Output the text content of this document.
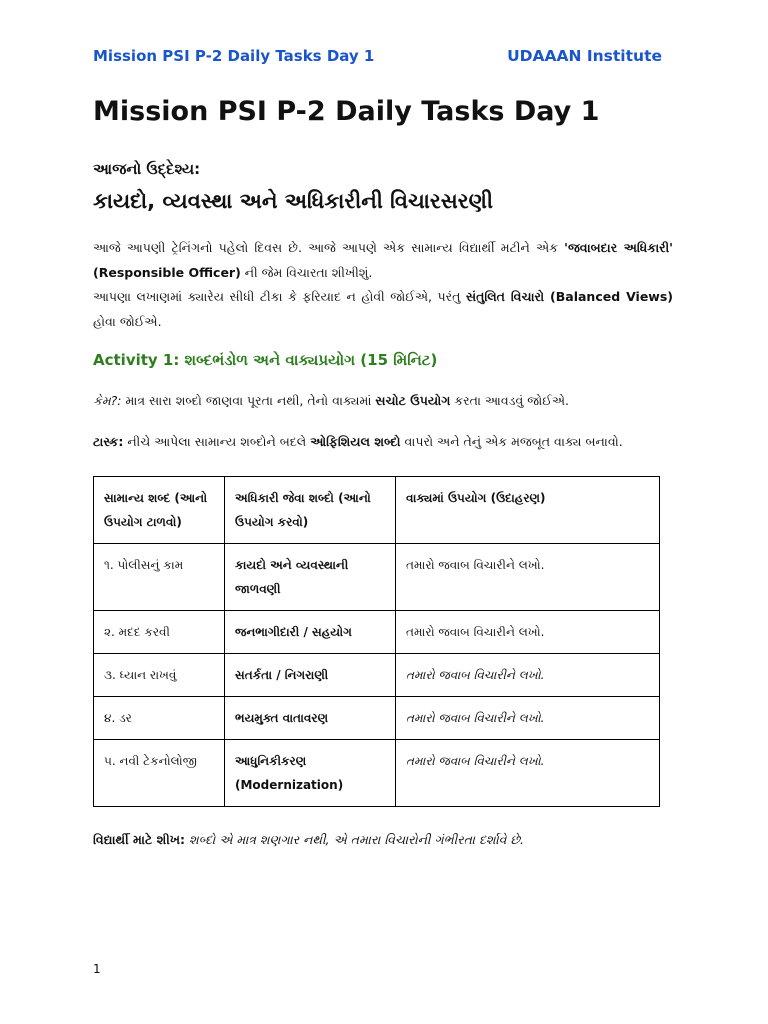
Mission PSI P-2 Daily Tasks Day 1	UDAAAN Institute
Mission PSI P-2 Daily Tasks Day 1
આજનો ઉદ્દેશ્ય:
કાયદો, વ્યવસ્થા અને અધિકારીની વિચારસરણી

આજે આપણી ટ્રેનિંગનો પહેલો દિવસ છે. આજે આપણે એક સામાન્ય વિદ્યાર્થી મટીને એક 'જવાબદાર અધિકારી' (Responsible Officer) ની જેમ વિચારતા શીખીશું.

આપણા લખાણમાં ક્યારેય સીધી ટીકા કે ફરિયાદ ન હોવી જોઈએ, પરંતુ સંતુલિત વિચારો (Balanced Views) હોવા જોઈએ.

Activity 1: શબ્દભંડોળ અને વાક્યપ્રયોગ (15 મિનિટ)
કેમ?: માત્ર સારા શબ્દો જાણવા પૂરતા નથી, તેનો વાક્યમાં સચોટ ઉપયોગ કરતા આવડવું જોઈએ.
ટાસ્ક: નીચે આપેલા સામાન્ય શબ્દોને બદલે ઓફિશિયલ શબ્દો વાપરો અને તેનું એક મજબૂત વાક્ય બનાવો.
સામાન્ય શબ્દ (આનો ઉપયોગ ટાળવો)	અધિકારી જેવા શબ્દો (આનો ઉપયોગ કરવો)	વાક્યમાં ઉપયોગ (ઉદાહરણ)
૧. પોલીસનું કામ	કાયદો અને વ્યવસ્થાની જાળવણી	તમારો જવાબ વિચારીને લખો.
૨. મદદ કરવી	જનભાગીદારી / સહયોગ	તમારો જવાબ વિચારીને લખો.
૩. ધ્યાન રાખવું	સતર્કતા / નિગરાણી	તમારો જવાબ વિચારીને લખો.
૪. ડર	ભયમુક્ત વાતાવરણ	તમારો જવાબ વિચારીને લખો.
૫. નવી ટેકનોલોજી	આધુનિકીકરણ (Modernization)	તમારો જવાબ વિચારીને લખો.
વિદ્યાર્થી માટે શીખ: શબ્દો એ માત્ર શણગાર નથી, એ તમારા વિચારોની ગંભીરતા દર્શાવે છે.
1
